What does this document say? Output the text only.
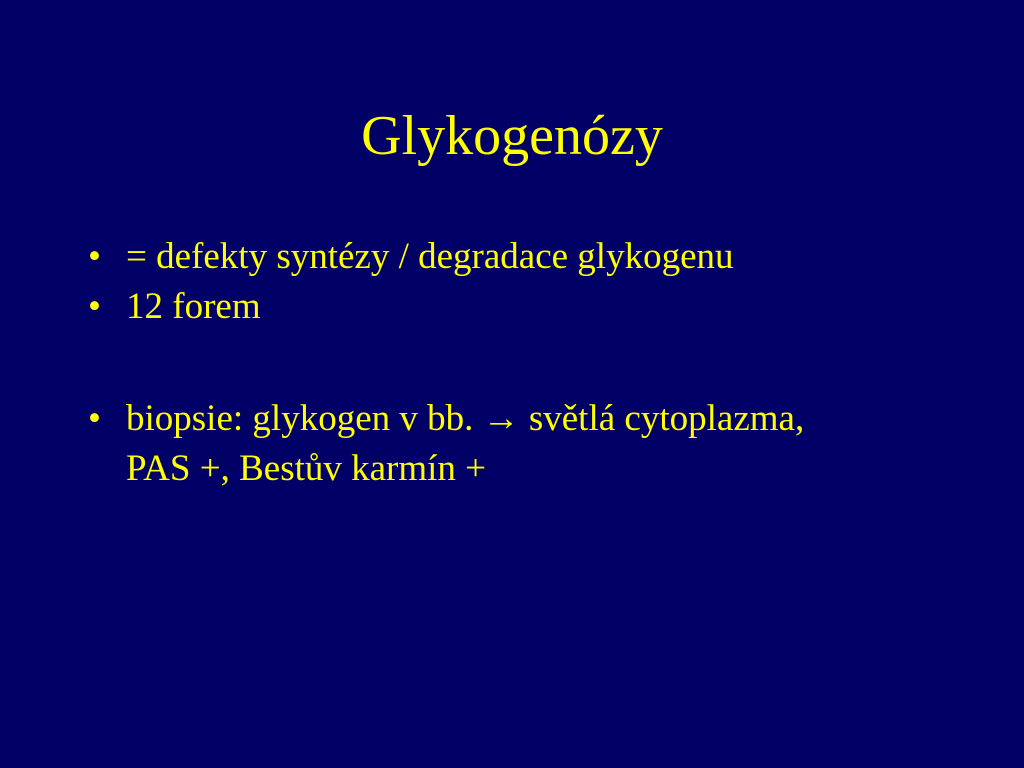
Glykogenózy
• = defekty syntézy / degradace glykogenu
• 12 forem
• biopsie: glykogen v bb. → světlá cytoplazma,
PAS +, Bestův karmín +
